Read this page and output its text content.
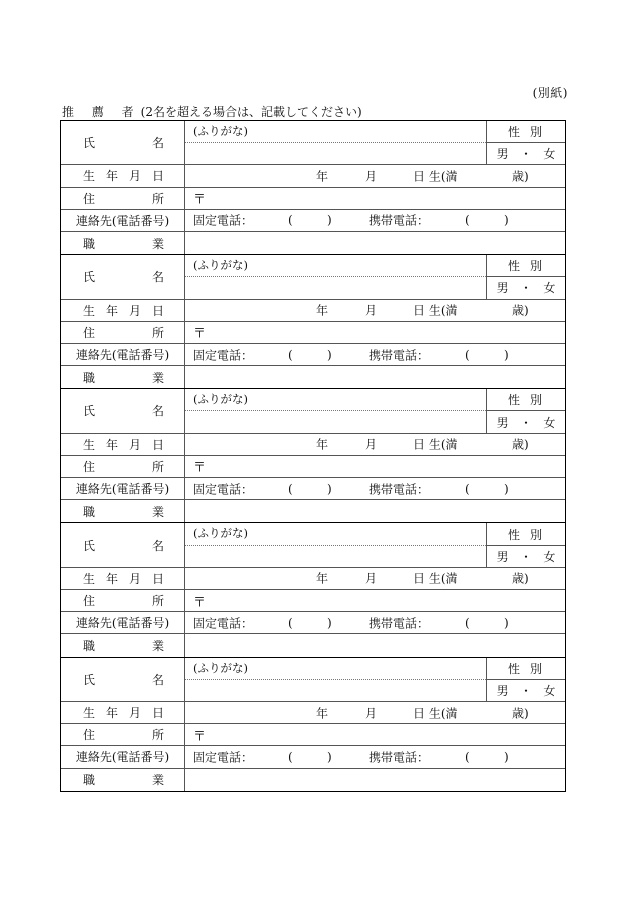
(別紙)
推 薦 者(2名を超える場合は、記載してください)
氏	名
(ふりがな)	性別
男 ・ 女
生 年 月 日	年	月	日 生(満	歳)
住	所 〒
連絡先(電話番号)	固定電話：	(	)	携帯電話：	(	)
職	業
氏	名
(ふりがな)	性別
男 ・ 女
生 年 月 日	年	月	日 生(満	歳)
住	所 〒
連絡先(電話番号)	固定電話：	(	)	携帯電話：	(	)
職	業
氏	名
(ふりがな)	性別
男 ・ 女
生 年 月 日	年	月	日 生(満	歳)
住	所 〒
連絡先(電話番号)	固定電話：	(	)	携帯電話：	(	)
職	業
氏	名
(ふりがな)	性別
男 ・ 女
生 年 月 日	年	月	日 生(満	歳)
住	所 〒
連絡先(電話番号)	固定電話：	(	)	携帯電話：	(	)
職	業
氏	名
(ふりがな)	性別
男 ・ 女
生 年 月 日	年	月	日 生(満	歳)
住	所 〒
連絡先(電話番号)	固定電話：	(	)	携帯電話：	(	)
職	業
